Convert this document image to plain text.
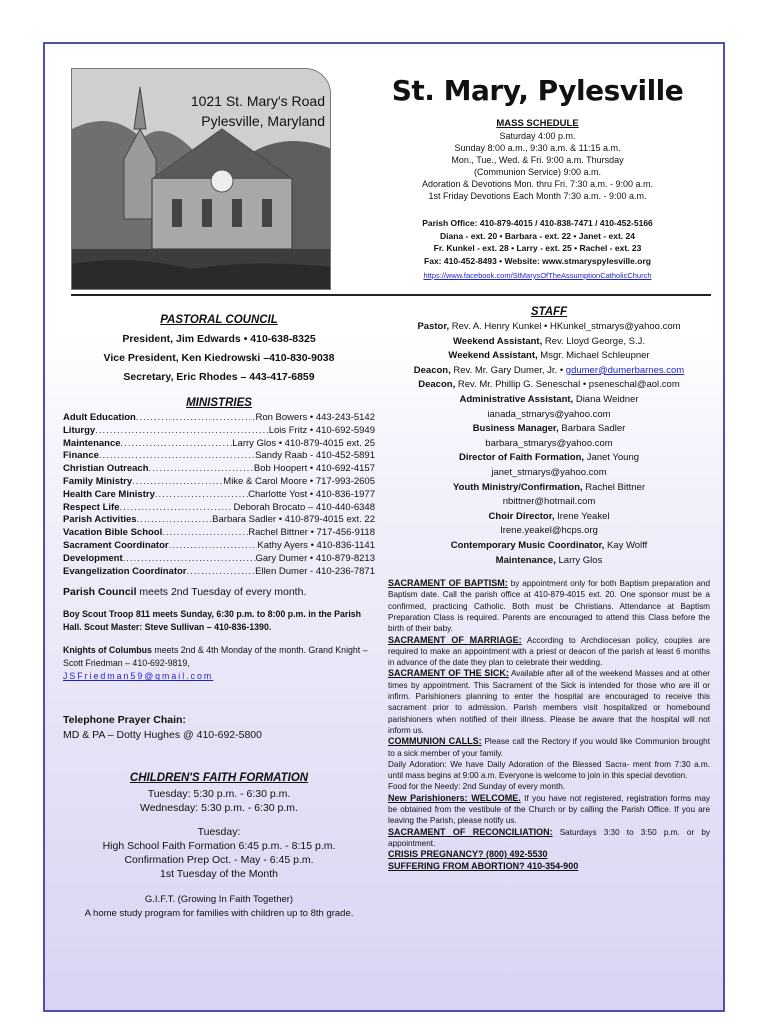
1021 St. Mary's Road
Pylesville, Maryland
St. Mary, Pylesville
MASS SCHEDULE
Saturday 4:00 p.m.
Sunday 8:00 a.m., 9:30 a.m. & 11:15 a.m.
Mon., Tue., Wed. & Fri. 9:00 a.m. Thursday
(Communion Service) 9:00 a.m.
Adoration & Devotions Mon. thru Fri. 7:30 a.m. - 9:00 a.m.
1st Friday Devotions Each Month 7:30 a.m. - 9:00 a.m.
Parish Office: 410-879-4015 / 410-838-7471 / 410-452-5166
Diana - ext. 20 • Barbara - ext. 22 • Janet - ext. 24
Fr. Kunkel - ext. 28 • Larry - ext. 25 • Rachel - ext. 23
Fax: 410-452-8493 • Website: www.stmaryspylesville.org
https://www.facebook.com/StMarysOfTheAssumptionCatholicChurch
PASTORAL COUNCIL
President, Jim Edwards • 410-638-8325
Vice President, Ken Kiedrowski –410-830-9038
Secretary, Eric Rhodes – 443-417-6859
MINISTRIES
Adult Education .....	Ron Bowers • 443-243-5142
Liturgy .....	Lois Fritz • 410-692-5949
Maintenance .....	Larry Glos • 410-879-4015 ext. 25
Finance .....	Sandy Raab - 410-452-5891
Christian Outreach .....	Bob Hoopert • 410-692-4157
Family Ministry .....	Mike & Carol Moore • 717-993-2605
Health Care Ministry .....	Charlotte Yost • 410-836-1977
Respect Life .....	Deborah Brocato – 410-440-6348
Parish Activities .....	Barbara Sadler • 410-879-4015 ext. 22
Vacation Bible School .....	Rachel Bittner • 717-456-9118
Sacrament Coordinator .....	Kathy Ayers • 410-836-1141
Development .....	Gary Dumer • 410-879-8213
Evangelization Coordinator .....	Ellen Dumer - 410-236-7871
Parish Council meets 2nd Tuesday of every month.
Boy Scout Troop 811 meets Sunday, 6:30 p.m. to 8:00 p.m. in the Parish Hall. Scout Master: Steve Sullivan – 410-836-1390.
Knights of Columbus meets 2nd & 4th Monday of the month. Grand Knight – Scott Friedman – 410-692-9819,
JSFriedman59@gmail.com
Telephone Prayer Chain:
MD & PA – Dotty Hughes @ 410-692-5800
CHILDREN'S FAITH FORMATION
Tuesday: 5:30 p.m. - 6:30 p.m.
Wednesday: 5:30 p.m. - 6:30 p.m.
Tuesday:
High School Faith Formation 6:45 p.m. - 8:15 p.m.
Confirmation Prep Oct. - May - 6:45 p.m.
1st Tuesday of the Month
G.I.F.T. (Growing In Faith Together)
A home study program for families with children up to 8th grade.
STAFF
Pastor, Rev. A. Henry Kunkel • HKunkel_stmarys@yahoo.com
Weekend Assistant, Rev. Lloyd George, S.J.
Weekend Assistant, Msgr. Michael Schleupner
Deacon, Rev. Mr. Gary Dumer, Jr. • gdumer@dumerbarnes.com
Deacon, Rev. Mr. Phillip G. Seneschal • pseneschal@aol.com
Administrative Assistant, Diana Weidner
ianada_stmarys@yahoo.com
Business Manager, Barbara Sadler
barbara_stmarys@yahoo.com
Director of Faith Formation, Janet Young
janet_stmarys@yahoo.com
Youth Ministry/Confirmation, Rachel Bittner
nbittner@hotmail.com
Choir Director, Irene Yeakel
Irene.yeakel@hcps.org
Contemporary Music Coordinator, Kay Wolff
Maintenance, Larry Glos
SACRAMENT OF BAPTISM: by appointment only for both Baptism preparation and Baptism date. Call the parish office at 410-879-4015 ext. 20. One sponsor must be a confirmed, practicing Catholic. Both must be Christians. Attendance at Baptism Preparation Class is required. Parents are encouraged to attend this Class before the birth of their baby.
SACRAMENT OF MARRIAGE: According to Archdiocesan policy, couples are required to make an appointment with a priest or deacon of the parish at least 6 months in advance of the date they plan to celebrate their wedding.
SACRAMENT OF THE SICK: Available after all of the weekend Masses and at other times by appointment. This Sacrament of the Sick is intended for those who are ill or infirm. Parishioners planning to enter the hospital are encouraged to receive this sacrament prior to admission. Parish members visit hospitalized or homebound parishioners when notified of their illness. Please be aware that the hospital will not inform us.
COMMUNION CALLS: Please call the Rectory if you would like Communion brought to a sick member of your family.
Daily Adoration: We have Daily Adoration of the Blessed Sacra- ment from 7:30 a.m. until mass begins at 9:00 a.m. Everyone is welcome to join in this special devotion.
Food for the Needy: 2nd Sunday of every month.
New Parishioners: WELCOME. If you have not registered, registration forms may be obtained from the vestibule of the Church or by calling the Parish Office. If you are leaving the Parish, please notify us.
SACRAMENT OF RECONCILIATION: Saturdays 3:30 to 3:50 p.m. or by appointment.
CRISIS PREGNANCY? (800) 492-5530
SUFFERING FROM ABORTION? 410-354-900
